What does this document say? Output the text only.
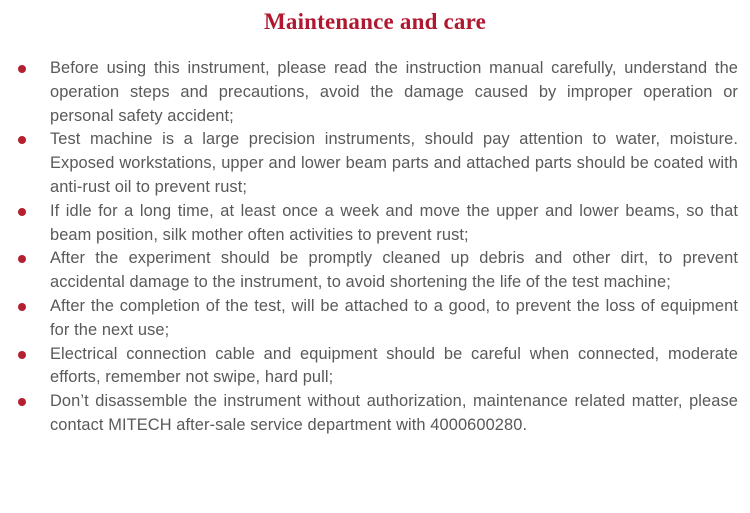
Maintenance and care
Before using this instrument, please read the instruction manual carefully, understand the operation steps and precautions, avoid the damage caused by improper operation or personal safety accident;
Test machine is a large precision instruments, should pay attention to water, moisture. Exposed workstations, upper and lower beam parts and attached parts should be coated with anti-rust oil to prevent rust;
If idle for a long time, at least once a week and move the upper and lower beams, so that beam position, silk mother often activities to prevent rust;
After the experiment should be promptly cleaned up debris and other dirt, to prevent accidental damage to the instrument, to avoid shortening the life of the test machine;
After the completion of the test, will be attached to a good, to prevent the loss of equipment for the next use;
Electrical connection cable and equipment should be careful when connected, moderate efforts, remember not swipe, hard pull;
Don’t disassemble the instrument without authorization, maintenance related matter, please contact MITECH after-sale service department with 4000600280.
